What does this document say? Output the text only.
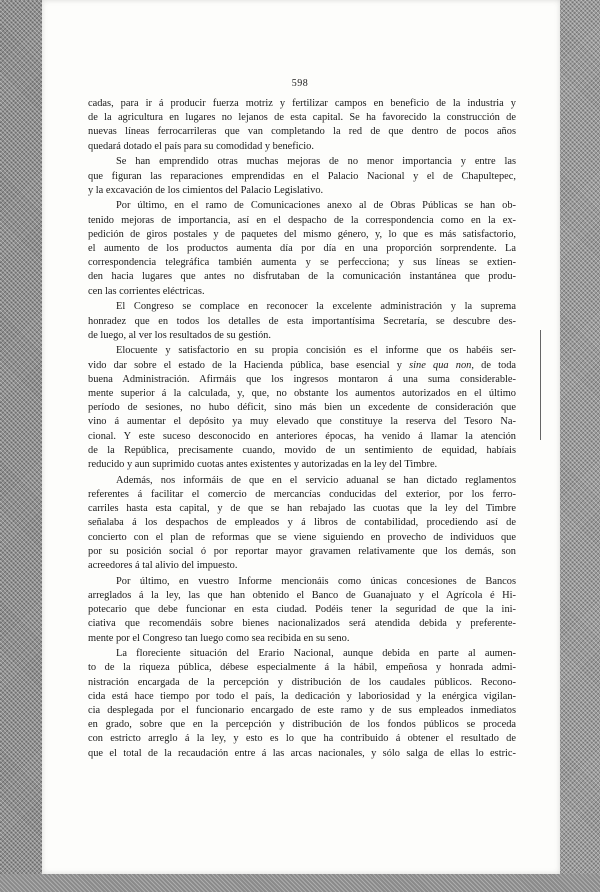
598
cadas, para ir á producir fuerza motriz y fertilizar campos en beneficio de la industria y
de la agricultura en lugares no lejanos de esta capital. Se ha favorecido la construcción de
nuevas líneas ferrocarrileras que van completando la red de que dentro de pocos años
quedará dotado el país para su comodidad y beneficio.
Se han emprendido otras muchas mejoras de no menor importancia y entre las
que figuran las reparaciones emprendidas en el Palacio Nacional y el de Chapultepec,
y la excavación de los cimientos del Palacio Legislativo.
Por último, en el ramo de Comunicaciones anexo al de Obras Públicas se han ob-
tenido mejoras de importancia, así en el despacho de la correspondencia como en la ex-
pedición de giros postales y de paquetes del mismo género, y, lo que es más satisfactorio,
el aumento de los productos aumenta día por día en una proporción sorprendente. La
correspondencia telegráfica también aumenta y se perfecciona; y sus líneas se extien-
den hacia lugares que antes no disfrutaban de la comunicación instantánea que produ-
cen las corrientes eléctricas.
El Congreso se complace en reconocer la excelente administración y la suprema
honradez que en todos los detalles de esta importantísima Secretaría, se descubre des-
de luego, al ver los resultados de su gestión.
Elocuente y satisfactorio en su propia concisión es el informe que os habéis ser-
vido dar sobre el estado de la Hacienda pública, base esencial y sine qua non, de toda
buena Administración. Afirmáis que los ingresos montaron á una suma considerable-
mente superior á la calculada, y, que, no obstante los aumentos autorizados en el último
período de sesiones, no hubo déficit, sino más bien un excedente de consideración que
vino á aumentar el depósito ya muy elevado que constituye la reserva del Tesoro Na-
cional. Y este suceso desconocido en anteriores épocas, ha venido á llamar la atención
de la República, precisamente cuando, movido de un sentimiento de equidad, habíais
reducido y aun suprimido cuotas antes existentes y autorizadas en la ley del Timbre.
Además, nos informáis de que en el servicio aduanal se han dictado reglamentos
referentes á facilitar el comercio de mercancías conducidas del exterior, por los ferro-
carriles hasta esta capital, y de que se han rebajado las cuotas que la ley del Timbre
señalaba á los despachos de empleados y á libros de contabilidad, procediendo así de
concierto con el plan de reformas que se viene siguiendo en provecho de individuos que
por su posición social ó por reportar mayor gravamen relativamente que los demás, son
acreedores á tal alivio del impuesto.
Por último, en vuestro Informe mencionáis como únicas concesiones de Bancos
arreglados á la ley, las que han obtenido el Banco de Guanajuato y el Agrícola é Hi-
potecario que debe funcionar en esta ciudad. Podéis tener la seguridad de que la ini-
ciativa que recomendáis sobre bienes nacionalizados será atendida debida y preferente-
mente por el Congreso tan luego como sea recibida en su seno.
La floreciente situación del Erario Nacional, aunque debida en parte al aumen-
to de la riqueza pública, débese especialmente á la hábil, empeñosa y honrada admi-
nistración encargada de la percepción y distribución de los caudales públicos. Recono-
cida está hace tiempo por todo el país, la dedicación y laboriosidad y la enérgica vigilan-
cia desplegada por el funcionario encargado de este ramo y de sus empleados inmediatos
en grado, sobre que en la percepción y distribución de los fondos públicos se proceda
con estricto arreglo á la ley, y esto es lo que ha contribuido á obtener el resultado de
que el total de la recaudación entre á las arcas nacionales, y sólo salga de ellas lo estric-
